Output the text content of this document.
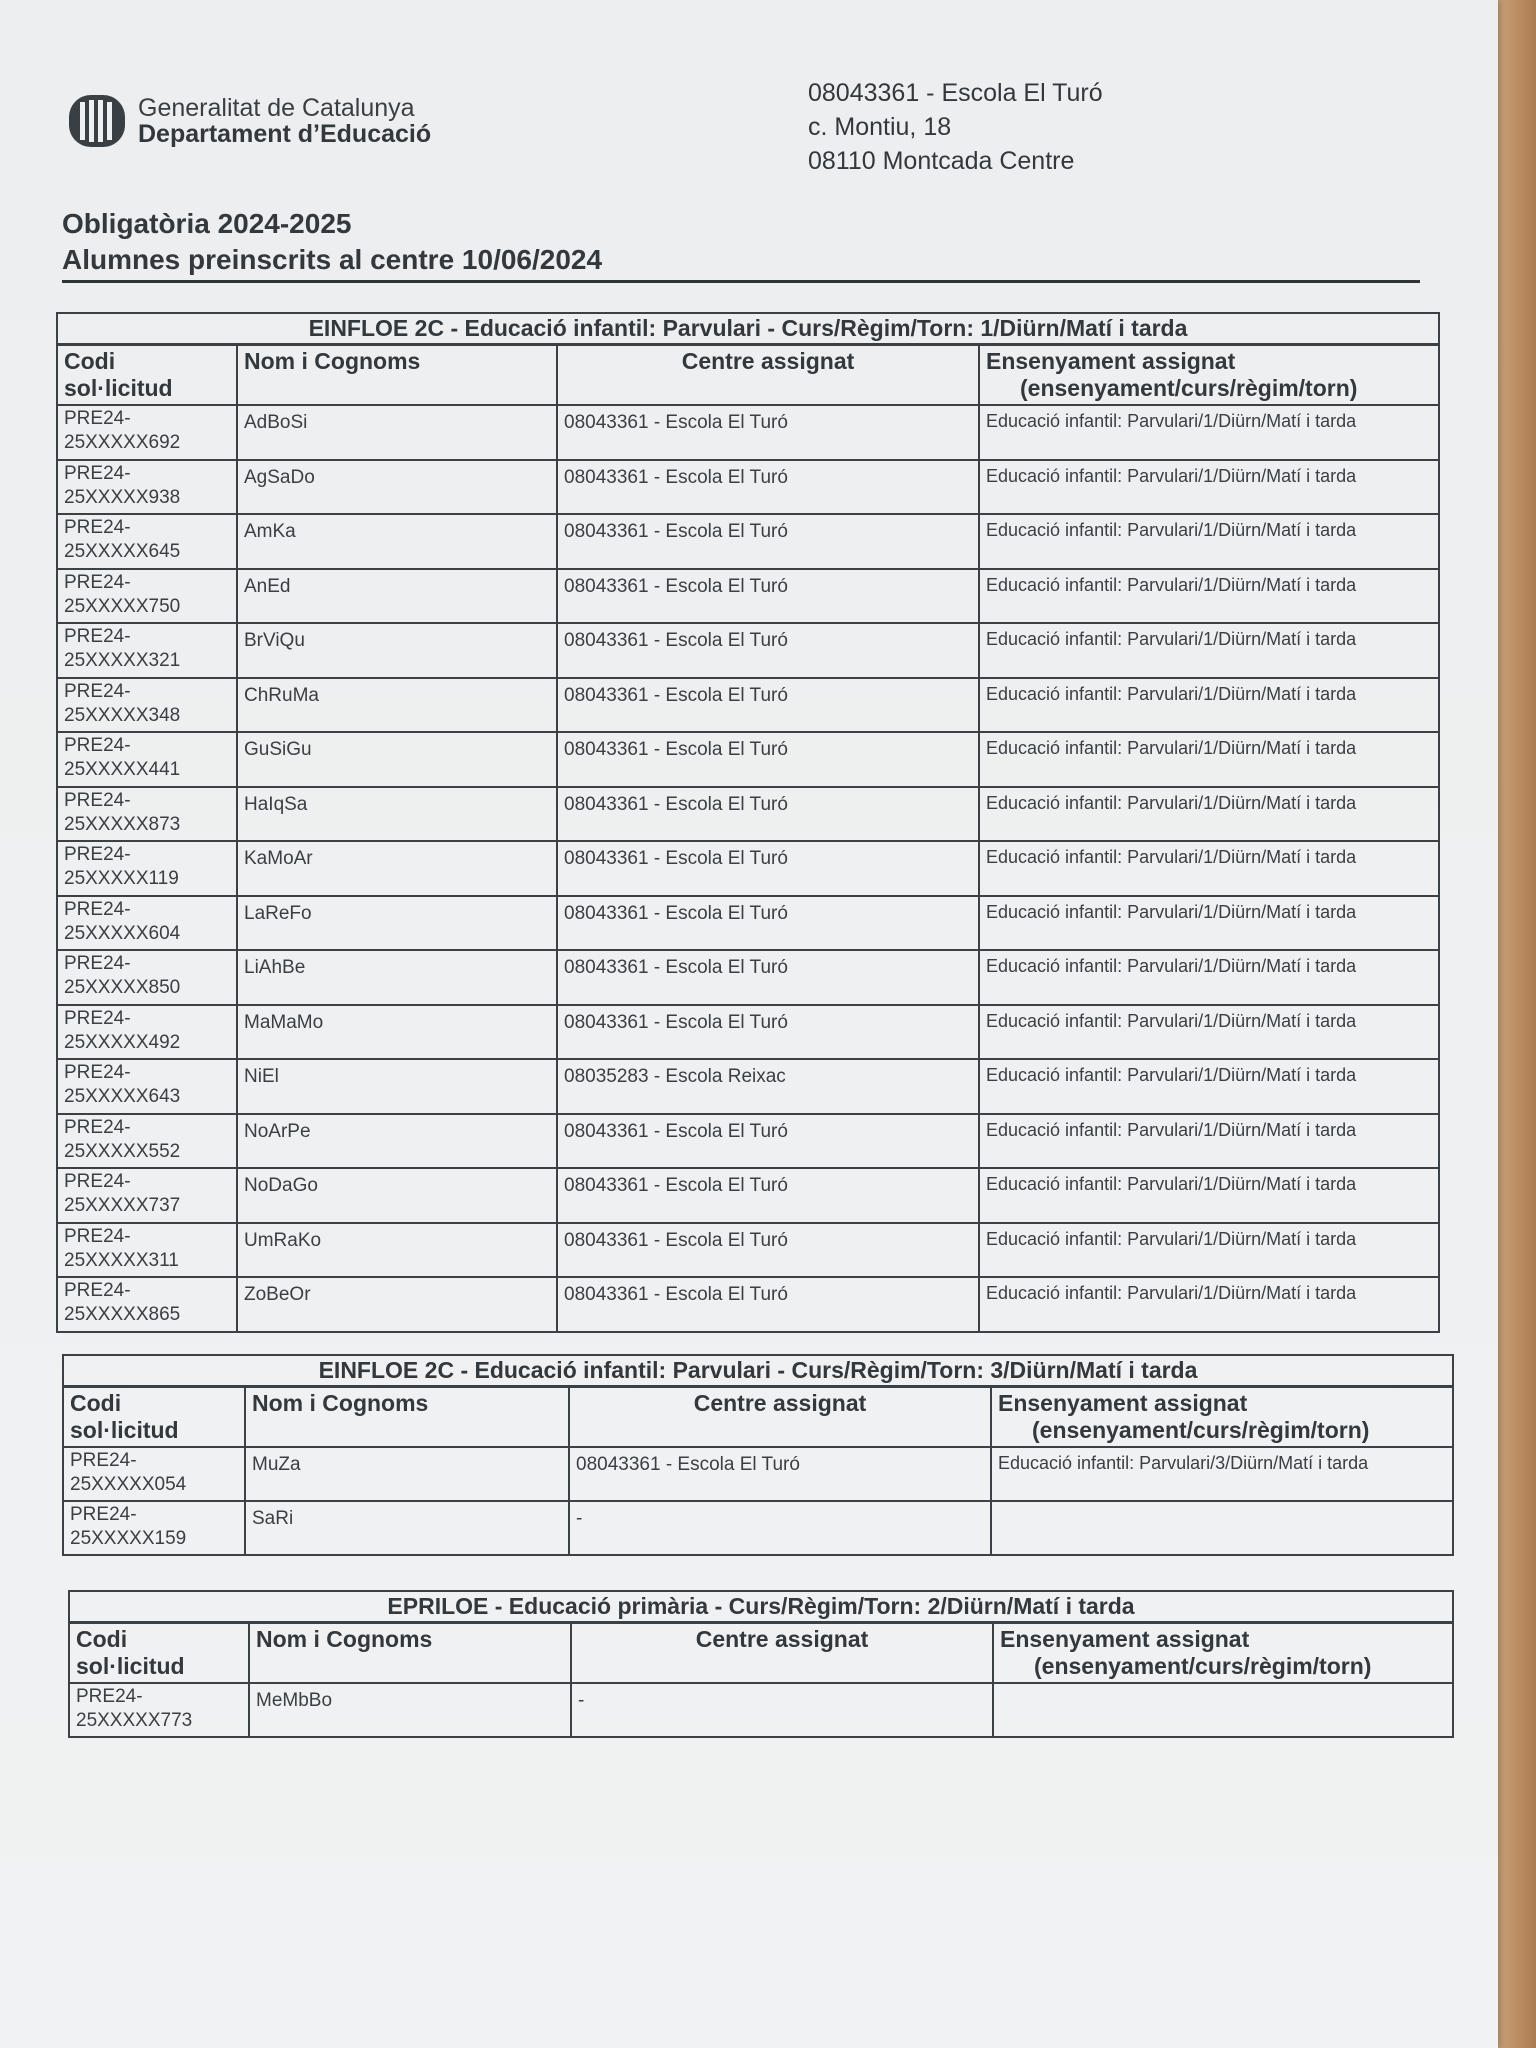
Generalitat de Catalunya
Departament d’Educació
08043361 - Escola El Turó
c. Montiu, 18
08110 Montcada Centre
Obligatòria 2024-2025
Alumnes preinscrits al centre 10/06/2024
EINFLOE 2C - Educació infantil: Parvulari - Curs/Règim/Torn: 1/Diürn/Matí i tarda			

Codi
sol·licitud	Nom i Cognoms	Centre assignat	Ensenyament assignat
(ensenyament/curs/règim/torn)

PRE24-
25XXXXX692	AdBoSi	08043361 - Escola El Turó	Educació infantil: Parvulari/1/Diürn/Matí i tarda

PRE24-
25XXXXX938	AgSaDo	08043361 - Escola El Turó	Educació infantil: Parvulari/1/Diürn/Matí i tarda

PRE24-
25XXXXX645	AmKa	08043361 - Escola El Turó	Educació infantil: Parvulari/1/Diürn/Matí i tarda

PRE24-
25XXXXX750	AnEd	08043361 - Escola El Turó	Educació infantil: Parvulari/1/Diürn/Matí i tarda

PRE24-
25XXXXX321	BrViQu	08043361 - Escola El Turó	Educació infantil: Parvulari/1/Diürn/Matí i tarda

PRE24-
25XXXXX348	ChRuMa	08043361 - Escola El Turó	Educació infantil: Parvulari/1/Diürn/Matí i tarda

PRE24-
25XXXXX441	GuSiGu	08043361 - Escola El Turó	Educació infantil: Parvulari/1/Diürn/Matí i tarda

PRE24-
25XXXXX873	HaIqSa	08043361 - Escola El Turó	Educació infantil: Parvulari/1/Diürn/Matí i tarda

PRE24-
25XXXXX119	KaMoAr	08043361 - Escola El Turó	Educació infantil: Parvulari/1/Diürn/Matí i tarda

PRE24-
25XXXXX604	LaReFo	08043361 - Escola El Turó	Educació infantil: Parvulari/1/Diürn/Matí i tarda

PRE24-
25XXXXX850	LiAhBe	08043361 - Escola El Turó	Educació infantil: Parvulari/1/Diürn/Matí i tarda

PRE24-
25XXXXX492	MaMaMo	08043361 - Escola El Turó	Educació infantil: Parvulari/1/Diürn/Matí i tarda

PRE24-
25XXXXX643	NiEl	08035283 - Escola Reixac	Educació infantil: Parvulari/1/Diürn/Matí i tarda

PRE24-
25XXXXX552	NoArPe	08043361 - Escola El Turó	Educació infantil: Parvulari/1/Diürn/Matí i tarda

PRE24-
25XXXXX737	NoDaGo	08043361 - Escola El Turó	Educació infantil: Parvulari/1/Diürn/Matí i tarda

PRE24-
25XXXXX311	UmRaKo	08043361 - Escola El Turó	Educació infantil: Parvulari/1/Diürn/Matí i tarda

PRE24-
25XXXXX865	ZoBeOr	08043361 - Escola El Turó	Educació infantil: Parvulari/1/Diürn/Matí i tarda
EINFLOE 2C - Educació infantil: Parvulari - Curs/Règim/Torn: 3/Diürn/Matí i tarda			

Codi
sol·licitud	Nom i Cognoms	Centre assignat	Ensenyament assignat
(ensenyament/curs/règim/torn)

PRE24-
25XXXXX054	MuZa	08043361 - Escola El Turó	Educació infantil: Parvulari/3/Diürn/Matí i tarda

PRE24-
25XXXXX159	SaRi	-	
EPRILOE - Educació primària - Curs/Règim/Torn: 2/Diürn/Matí i tarda			

Codi
sol·licitud	Nom i Cognoms	Centre assignat	Ensenyament assignat
(ensenyament/curs/règim/torn)

PRE24-
25XXXXX773	MeMbBo	-	
